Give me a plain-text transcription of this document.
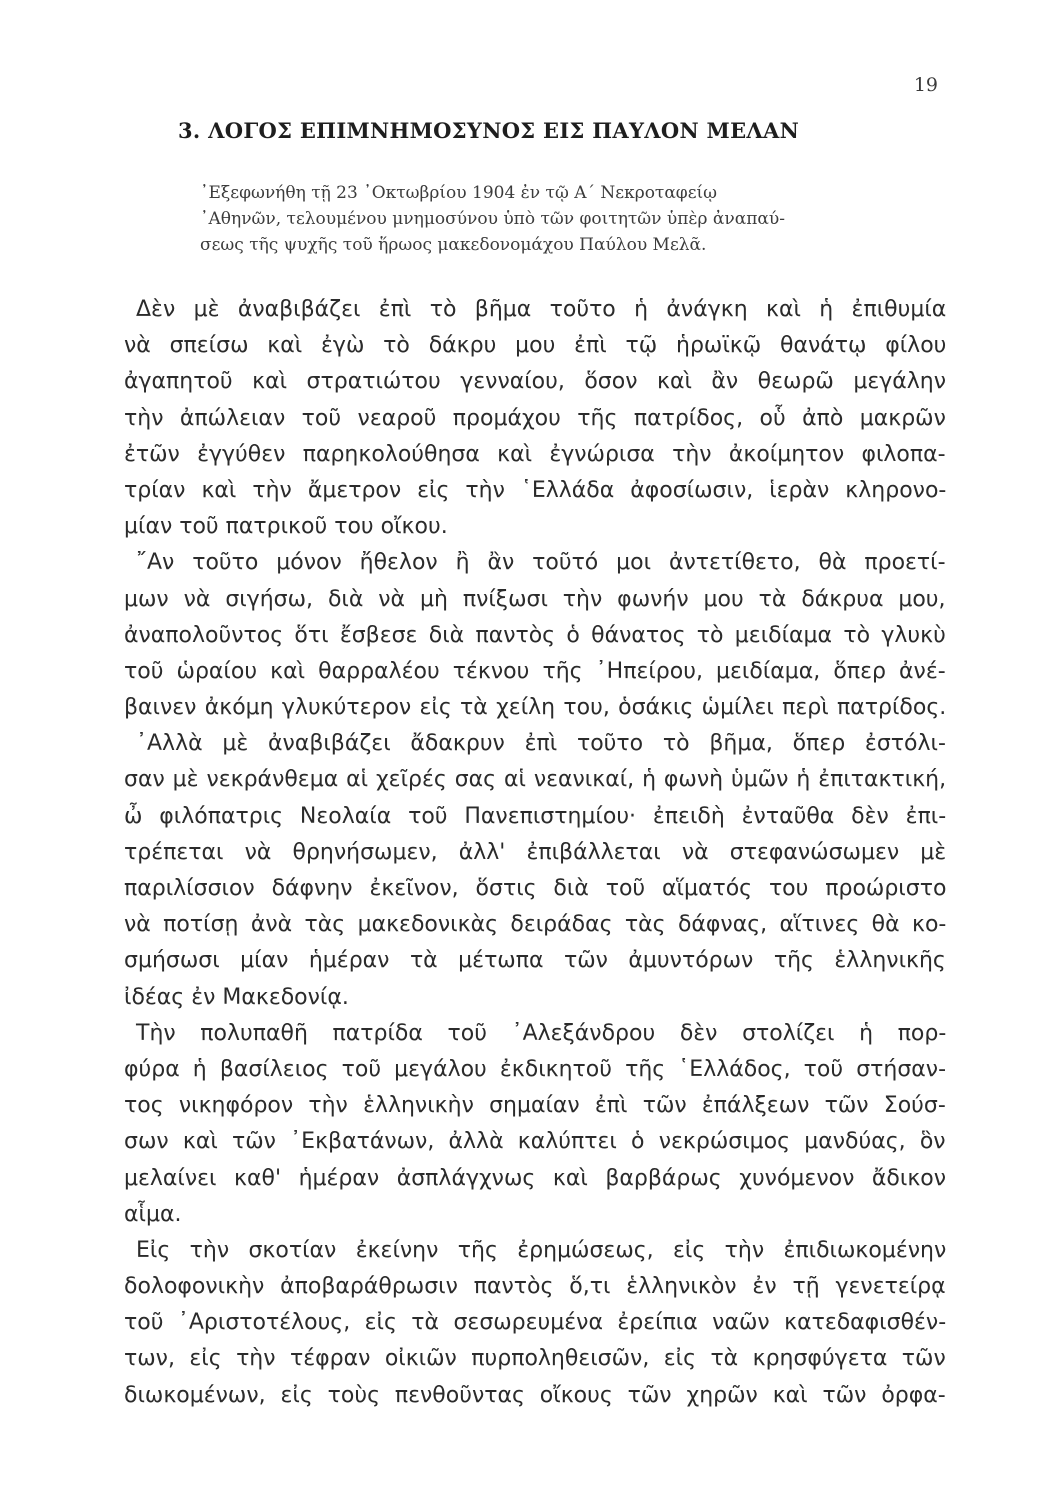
19
3. ΛΟΓΟΣ ΕΠΙΜΝΗΜΟΣΥΝΟΣ ΕΙΣ ΠΑΥΛΟΝ ΜΕΛΑΝ
᾿Εξεφωνήθη τῇ 23 ᾿Οκτωβρίου 1904 ἐν τῷ Α΄ Νεκροταφείῳ
᾿Αθηνῶν, τελουμένου μνημοσύνου ὑπὸ τῶν φοιτητῶν ὑπὲρ ἀναπαύ-
σεως τῆς ψυχῆς τοῦ ἥρωος μακεδονομάχου Παύλου Μελᾶ.
Δὲν μὲ ἀναβιβάζει ἐπὶ τὸ βῆμα τοῦτο ἡ ἀνάγκη καὶ ἡ ἐπιθυμία
νὰ σπείσω καὶ ἐγὼ τὸ δάκρυ μου ἐπὶ τῷ ἡρωϊκῷ θανάτῳ φίλου
ἀγαπητοῦ καὶ στρατιώτου γενναίου, ὅσον καὶ ἂν θεωρῶ μεγάλην
τὴν ἀπώλειαν τοῦ νεαροῦ προμάχου τῆς πατρίδος, οὗ ἀπὸ μακρῶν
ἐτῶν ἐγγύθεν παρηκολούθησα καὶ ἐγνώρισα τὴν ἀκοίμητον φιλοπα-
τρίαν καὶ τὴν ἄμετρον εἰς τὴν ῾Ελλάδα ἀφοσίωσιν, ἱερὰν κληρονο-
μίαν τοῦ πατρικοῦ του οἴκου.
῎Αν τοῦτο μόνον ἤθελον ἢ ἂν τοῦτό μοι ἀντετίθετο, θὰ προετί-
μων νὰ σιγήσω, διὰ νὰ μὴ πνίξωσι τὴν φωνήν μου τὰ δάκρυα μου,
ἀναπολοῦντος ὅτι ἔσβεσε διὰ παντὸς ὁ θάνατος τὸ μειδίαμα τὸ γλυκὺ
τοῦ ὡραίου καὶ θαρραλέου τέκνου τῆς ᾿Ηπείρου, μειδίαμα, ὅπερ ἀνέ-
βαινεν ἀκόμη γλυκύτερον εἰς τὰ χείλη του, ὁσάκις ὡμίλει περὶ πατρίδος.
᾿Αλλὰ μὲ ἀναβιβάζει ἄδακρυν ἐπὶ τοῦτο τὸ βῆμα, ὅπερ ἐστόλι-
σαν μὲ νεκράνθεμα αἱ χεῖρές σας αἱ νεανικαί, ἡ φωνὴ ὑμῶν ἡ ἐπιτακτική,
ὦ φιλόπατρις Νεολαία τοῦ Πανεπιστημίου· ἐπειδὴ ἐνταῦθα δὲν ἐπι-
τρέπεται νὰ θρηνήσωμεν, ἀλλ' ἐπιβάλλεται νὰ στεφανώσωμεν μὲ
παριλίσσιον δάφνην ἐκεῖνον, ὅστις διὰ τοῦ αἵματός του προώριστο
νὰ ποτίσῃ ἀνὰ τὰς μακεδονικὰς δειράδας τὰς δάφνας, αἵτινες θὰ κο-
σμήσωσι μίαν ἡμέραν τὰ μέτωπα τῶν ἀμυντόρων τῆς ἑλληνικῆς
ἰδέας ἐν Μακεδονίᾳ.
Τὴν πολυπαθῆ πατρίδα τοῦ ᾿Αλεξάνδρου δὲν στολίζει ἡ πορ-
φύρα ἡ βασίλειος τοῦ μεγάλου ἐκδικητοῦ τῆς ῾Ελλάδος, τοῦ στήσαν-
τος νικηφόρον τὴν ἑλληνικὴν σημαίαν ἐπὶ τῶν ἐπάλξεων τῶν Σούσ-
σων καὶ τῶν ᾿Εκβατάνων, ἀλλὰ καλύπτει ὁ νεκρώσιμος μανδύας, ὃν
μελαίνει καθ' ἡμέραν ἀσπλάγχνως καὶ βαρβάρως χυνόμενον ἄδικον
αἷμα.
Εἰς τὴν σκοτίαν ἐκείνην τῆς ἐρημώσεως, εἰς τὴν ἐπιδιωκομένην
δολοφονικὴν ἀποβαράθρωσιν παντὸς ὅ,τι ἑλληνικὸν ἐν τῇ γενετείρᾳ
τοῦ ᾿Αριστοτέλους, εἰς τὰ σεσωρευμένα ἐρείπια ναῶν κατεδαφισθέν-
των, εἰς τὴν τέφραν οἰκιῶν πυρποληθεισῶν, εἰς τὰ κρησφύγετα τῶν
διωκομένων, εἰς τοὺς πενθοῦντας οἴκους τῶν χηρῶν καὶ τῶν ὀρφα-
